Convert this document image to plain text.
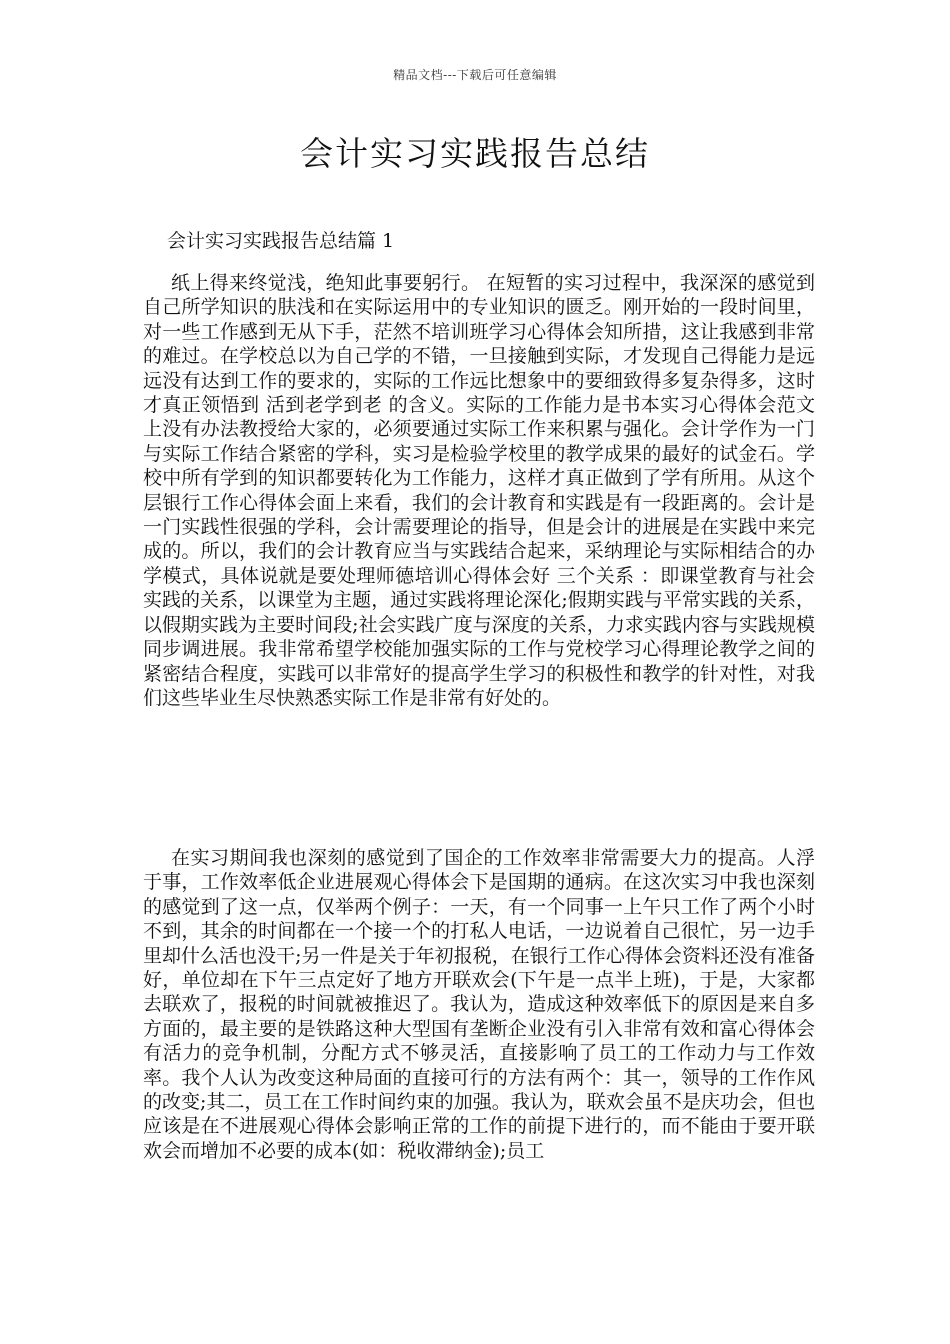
精品文档---下载后可任意编辑
会计实习实践报告总结
会计实习实践报告总结篇 1

纸上得来终觉浅，绝知此事要躬行。 在短暂的实习过程中，我深深的感觉到自己所学知识的肤浅和在实际运用中的专业知识的匮乏。刚开始的一段时间里，对一些工作感到无从下手，茫然不培训班学习心得体会知所措，这让我感到非常的难过。在学校总以为自己学的不错，一旦接触到实际，才发现自己得能力是远远没有达到工作的要求的，实际的工作远比想象中的要细致得多复杂得多，这时才真正领悟到 活到老学到老 的含义。实际的工作能力是书本实习心得体会范文上没有办法教授给大家的，必须要通过实际工作来积累与强化。会计学作为一门与实际工作结合紧密的学科，实习是检验学校里的教学成果的最好的试金石。学校中所有学到的知识都要转化为工作能力，这样才真正做到了学有所用。从这个层银行工作心得体会面上来看，我们的会计教育和实践是有一段距离的。会计是一门实践性很强的学科，会计需要理论的指导，但是会计的进展是在实践中来完成的。所以，我们的会计教育应当与实践结合起来，采纳理论与实际相结合的办学模式，具体说就是要处理师德培训心得体会好 三个关系 ：即课堂教育与社会实践的关系，以课堂为主题，通过实践将理论深化;假期实践与平常实践的关系，以假期实践为主要时间段;社会实践广度与深度的关系，力求实践内容与实践规模同步调进展。我非常希望学校能加强实际的工作与党校学习心得理论教学之间的紧密结合程度，实践可以非常好的提高学生学习的积极性和教学的针对性，对我们这些毕业生尽快熟悉实际工作是非常有好处的。

在实习期间我也深刻的感觉到了国企的工作效率非常需要大力的提高。人浮于事，工作效率低企业进展观心得体会下是国期的通病。在这次实习中我也深刻的感觉到了这一点，仅举两个例子：一天，有一个同事一上午只工作了两个小时不到，其余的时间都在一个接一个的打私人电话，一边说着自己很忙，另一边手里却什么活也没干;另一件是关于年初报税，在银行工作心得体会资料还没有准备好，单位却在下午三点定好了地方开联欢会(下午是一点半上班)，于是，大家都去联欢了，报税的时间就被推迟了。我认为，造成这种效率低下的原因是来自多方面的，最主要的是铁路这种大型国有垄断企业没有引入非常有效和富心得体会有活力的竞争机制，分配方式不够灵活，直接影响了员工的工作动力与工作效率。我个人认为改变这种局面的直接可行的方法有两个：其一，领导的工作作风的改变;其二，员工在工作时间约束的加强。我认为，联欢会虽不是庆功会，但也应该是在不进展观心得体会影响正常的工作的前提下进行的，而不能由于要开联欢会而增加不必要的成本(如：税收滞纳金);员工
